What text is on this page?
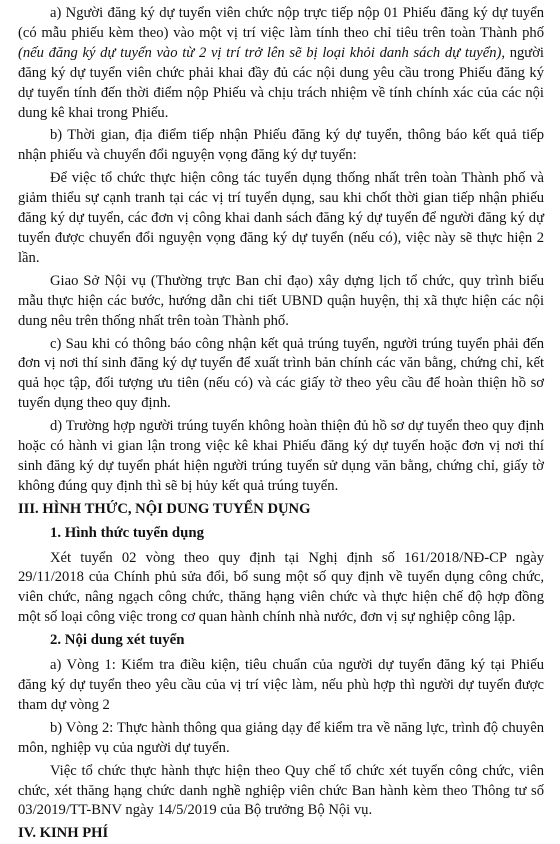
a) Người đăng ký dự tuyển viên chức nộp trực tiếp nộp 01 Phiếu đăng ký dự tuyển (có mẫu phiếu kèm theo) vào một vị trí việc làm tính theo chỉ tiêu trên toàn Thành phố (nếu đăng ký dự tuyển vào từ 2 vị trí trở lên sẽ bị loại khỏi danh sách dự tuyển), người đăng ký dự tuyển viên chức phải khai đầy đủ các nội dung yêu cầu trong Phiếu đăng ký dự tuyển tính đến thời điểm nộp Phiếu và chịu trách nhiệm về tính chính xác của các nội dung kê khai trong Phiếu.

b) Thời gian, địa điểm tiếp nhận Phiếu đăng ký dự tuyển, thông báo kết quả tiếp nhận phiếu và chuyển đổi nguyện vọng đăng ký dự tuyển:

Để việc tổ chức thực hiện công tác tuyển dụng thống nhất trên toàn Thành phố và giảm thiểu sự cạnh tranh tại các vị trí tuyển dụng, sau khi chốt thời gian tiếp nhận phiếu đăng ký dự tuyển, các đơn vị công khai danh sách đăng ký dự tuyển để người đăng ký dự tuyển được chuyển đổi nguyện vọng đăng ký dự tuyển (nếu có), việc này sẽ thực hiện 2 lần.

Giao Sở Nội vụ (Thường trực Ban chỉ đạo) xây dựng lịch tổ chức, quy trình biểu mẫu thực hiện các bước, hướng dẫn chi tiết UBND quận huyện, thị xã thực hiện các nội dung nêu trên thống nhất trên toàn Thành phố.

c) Sau khi có thông báo công nhận kết quả trúng tuyển, người trúng tuyển phải đến đơn vị nơi thí sinh đăng ký dự tuyển để xuất trình bản chính các văn bằng, chứng chỉ, kết quả học tập, đối tượng ưu tiên (nếu có) và các giấy tờ theo yêu cầu để hoàn thiện hồ sơ tuyển dụng theo quy định.

d) Trường hợp người trúng tuyển không hoàn thiện đủ hồ sơ dự tuyển theo quy định hoặc có hành vi gian lận trong việc kê khai Phiếu đăng ký dự tuyển hoặc đơn vị nơi thí sinh đăng ký dự tuyển phát hiện người trúng tuyển sử dụng văn bằng, chứng chỉ, giấy tờ không đúng quy định thì sẽ bị hủy kết quả trúng tuyển.

III. HÌNH THỨC, NỘI DUNG TUYỂN DỤNG
1. Hình thức tuyển dụng

Xét tuyển 02 vòng theo quy định tại Nghị định số 161/2018/NĐ-CP ngày 29/11/2018 của Chính phủ sửa đổi, bổ sung một số quy định về tuyển dụng công chức, viên chức, nâng ngạch công chức, thăng hạng viên chức và thực hiện chế độ hợp đồng một số loại công việc trong cơ quan hành chính nhà nước, đơn vị sự nghiệp công lập.

2. Nội dung xét tuyển

a) Vòng 1: Kiểm tra điều kiện, tiêu chuẩn của người dự tuyển đăng ký tại Phiếu đăng ký dự tuyển theo yêu cầu của vị trí việc làm, nếu phù hợp thì người dự tuyển được tham dự vòng 2

b) Vòng 2: Thực hành thông qua giảng dạy để kiểm tra về năng lực, trình độ chuyên môn, nghiệp vụ của người dự tuyển.

Việc tổ chức thực hành thực hiện theo Quy chế tổ chức xét tuyển công chức, viên chức, xét thăng hạng chức danh nghề nghiệp viên chức Ban hành kèm theo Thông tư số 03/2019/TT-BNV ngày 14/5/2019 của Bộ trưởng Bộ Nội vụ.

IV. KINH PHÍ
